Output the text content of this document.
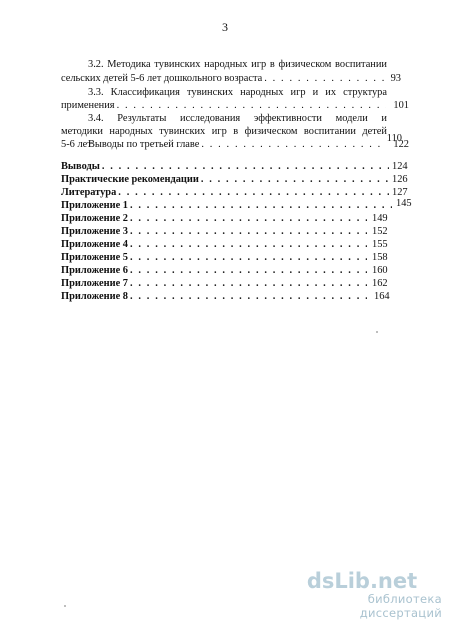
3
3.2. Методика тувинских народных игр в физическом воспитании
сельских детей 5-6 лет дошкольного возраста . . .	93
3.3. Классификация тувинских народных игр и их структура
применения . . .	101
3.4. Результаты исследования эффективности модели и
методики народных тувинских игр в физическом воспитании детей
5-6 лет
110
Выводы по третьей главе . . .	122
Выводы . . .	124
Практические рекомендации . . .	126
Литература . . .	127
Приложение 1 . . .	145
Приложение 2 . . .	149
Приложение 3 . . .	152
Приложение 4 . . .	155
Приложение 5 . . .	158
Приложение 6 . . .	160
Приложение 7 . . .	162
Приложение 8 . . .	164
dsLib.net
библиотека диссертаций
